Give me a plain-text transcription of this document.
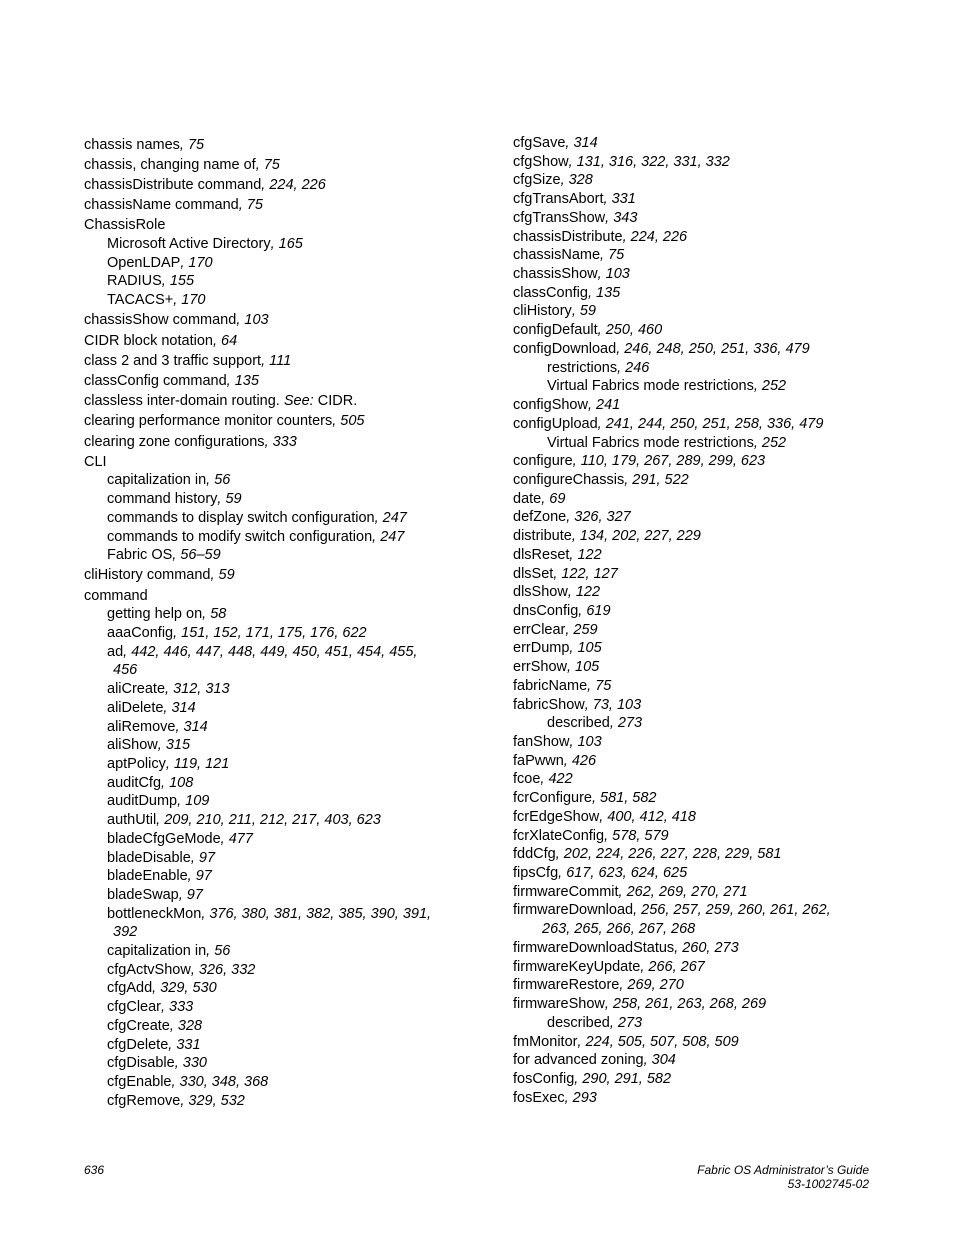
chassis names, 75
chassis, changing name of, 75
chassisDistribute command, 224, 226
chassisName command, 75
ChassisRole
Microsoft Active Directory, 165
OpenLDAP, 170
RADIUS, 155
TACACS+, 170
chassisShow command, 103
CIDR block notation, 64
class 2 and 3 traffic support, 111
classConfig command, 135
classless inter-domain routing. See: CIDR.
clearing performance monitor counters, 505
clearing zone configurations, 333
CLI
capitalization in, 56
command history, 59
commands to display switch configuration, 247
commands to modify switch configuration, 247
Fabric OS, 56–59
cliHistory command, 59
command
getting help on, 58
aaaConfig, 151, 152, 171, 175, 176, 622
ad, 442, 446, 447, 448, 449, 450, 451, 454, 455,
456
aliCreate, 312, 313
aliDelete, 314
aliRemove, 314
aliShow, 315
aptPolicy, 119, 121
auditCfg, 108
auditDump, 109
authUtil, 209, 210, 211, 212, 217, 403, 623
bladeCfgGeMode, 477
bladeDisable, 97
bladeEnable, 97
bladeSwap, 97
bottleneckMon, 376, 380, 381, 382, 385, 390, 391,
392
capitalization in, 56
cfgActvShow, 326, 332
cfgAdd, 329, 530
cfgClear, 333
cfgCreate, 328
cfgDelete, 331
cfgDisable, 330
cfgEnable, 330, 348, 368
cfgRemove, 329, 532
cfgSave, 314
cfgShow, 131, 316, 322, 331, 332
cfgSize, 328
cfgTransAbort, 331
cfgTransShow, 343
chassisDistribute, 224, 226
chassisName, 75
chassisShow, 103
classConfig, 135
cliHistory, 59
configDefault, 250, 460
configDownload, 246, 248, 250, 251, 336, 479
restrictions, 246
Virtual Fabrics mode restrictions, 252
configShow, 241
configUpload, 241, 244, 250, 251, 258, 336, 479
Virtual Fabrics mode restrictions, 252
configure, 110, 179, 267, 289, 299, 623
configureChassis, 291, 522
date, 69
defZone, 326, 327
distribute, 134, 202, 227, 229
dlsReset, 122
dlsSet, 122, 127
dlsShow, 122
dnsConfig, 619
errClear, 259
errDump, 105
errShow, 105
fabricName, 75
fabricShow, 73, 103
described, 273
fanShow, 103
faPwwn, 426
fcoe, 422
fcrConfigure, 581, 582
fcrEdgeShow, 400, 412, 418
fcrXlateConfig, 578, 579
fddCfg, 202, 224, 226, 227, 228, 229, 581
fipsCfg, 617, 623, 624, 625
firmwareCommit, 262, 269, 270, 271
firmwareDownload, 256, 257, 259, 260, 261, 262,
263, 265, 266, 267, 268
firmwareDownloadStatus, 260, 273
firmwareKeyUpdate, 266, 267
firmwareRestore, 269, 270
firmwareShow, 258, 261, 263, 268, 269
described, 273
fmMonitor, 224, 505, 507, 508, 509
for advanced zoning, 304
fosConfig, 290, 291, 582
fosExec, 293
636	Fabric OS Administrator’s Guide
53-1002745-02
